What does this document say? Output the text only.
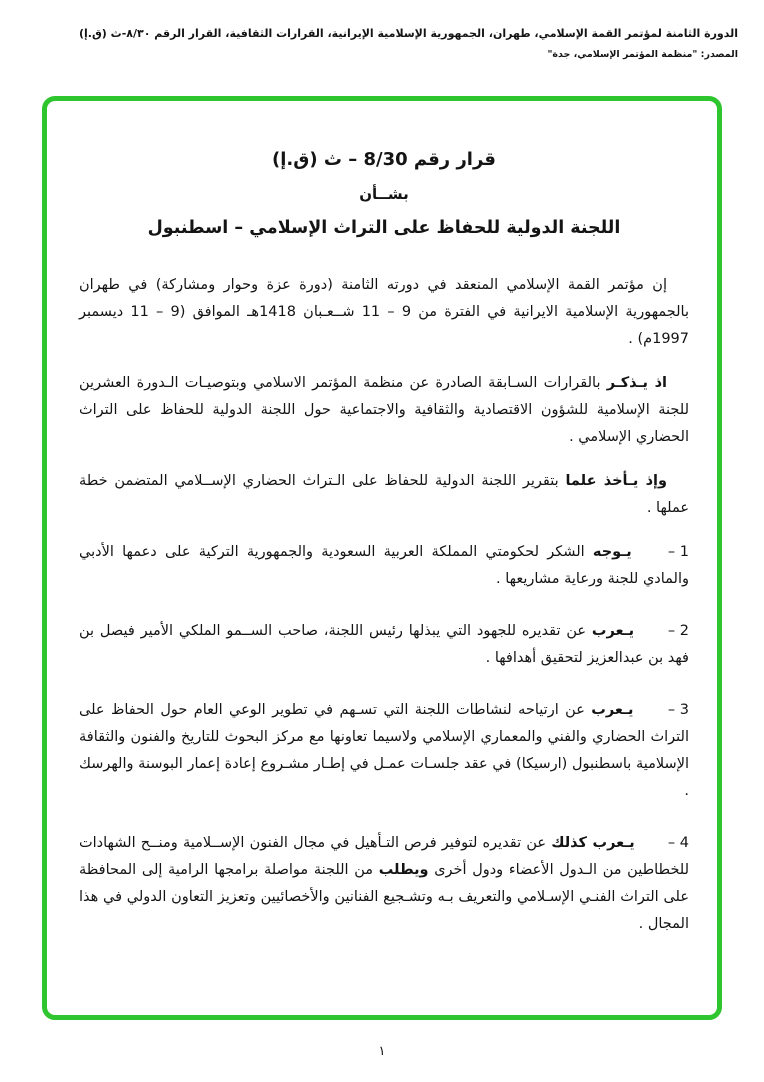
الدورة الثامنة لمؤتمر القمة الإسلامي، طهران، الجمهورية الإسلامية الإيرانية، القرارات الثقافية، القرار الرقم ٨/٣٠-ث (ق.إ)
المصدر: "منظمة المؤتمر الإسلامي، جدة"
قرار رقم 8/30 – ث (ق.إ)
بشــأن
اللجنة الدولية للحفاظ على التراث الإسلامي – اسطنبول

إن مؤتمر القمة الإسلامي المنعقد في دورته الثامنة (دورة عزة وحوار ومشاركة) في طهران بالجمهورية الإسلامية الايرانية في الفترة من 9 – 11 شــعـبان 1418هـ الموافق (9 – 11 ديسمبر 1997م) .

اذ يـذكـر بالقرارات السـابقة الصادرة عن منظمة المؤتمر الاسلامي وبتوصيـات الـدورة العشرين للجنة الإسلامية للشؤون الاقتصادية والثقافية والاجتماعية حول اللجنة الدولية للحفاظ على التراث الحضاري الإسلامي .

وإذ يـأخذ علما بتقرير اللجنة الدولية للحفاظ على الـتراث الحضاري الإســلامي المتضمن خطة عملها .

1 – يـوجه الشكر لحكومتي المملكة العربية السعودية والجمهورية التركية على دعمها الأدبي والمادي للجنة ورعاية مشاريعها .
2 – يـعرب عن تقديره للجهود التي يبذلها رئيس اللجنة، صاحب الســمو الملكي الأمير فيصل بن فهد بن عبدالعزيز لتحقيق أهدافها .
3 – يـعرب عن ارتياحه لنشاطات اللجنة التي تسـهم في تطوير الوعي العام حول الحفاظ على التراث الحضاري والفني والمعماري الإسلامي ولاسيما تعاونها مع مركز البحوث للتاريخ والفنون والثقافة الإسلامية باسطنبول (ارسيكا) في عقد جلسـات عمـل في إطـار مشـروع إعادة إعمار البوسنة والهرسك .
4 – يـعرب كذلك عن تقديره لتوفير فرص التـأهيل في مجال الفنون الإســلامية ومنــح الشهادات للخطاطين من الـدول الأعضاء ودول أخرى ويطلب من اللجنة مواصلة برامجها الرامية إلى المحافظة على التراث الفنـي الإسـلامي والتعريف بـه وتشـجيع الفنانين والأخصائيين وتعزيز التعاون الدولي في هذا المجال .
١
